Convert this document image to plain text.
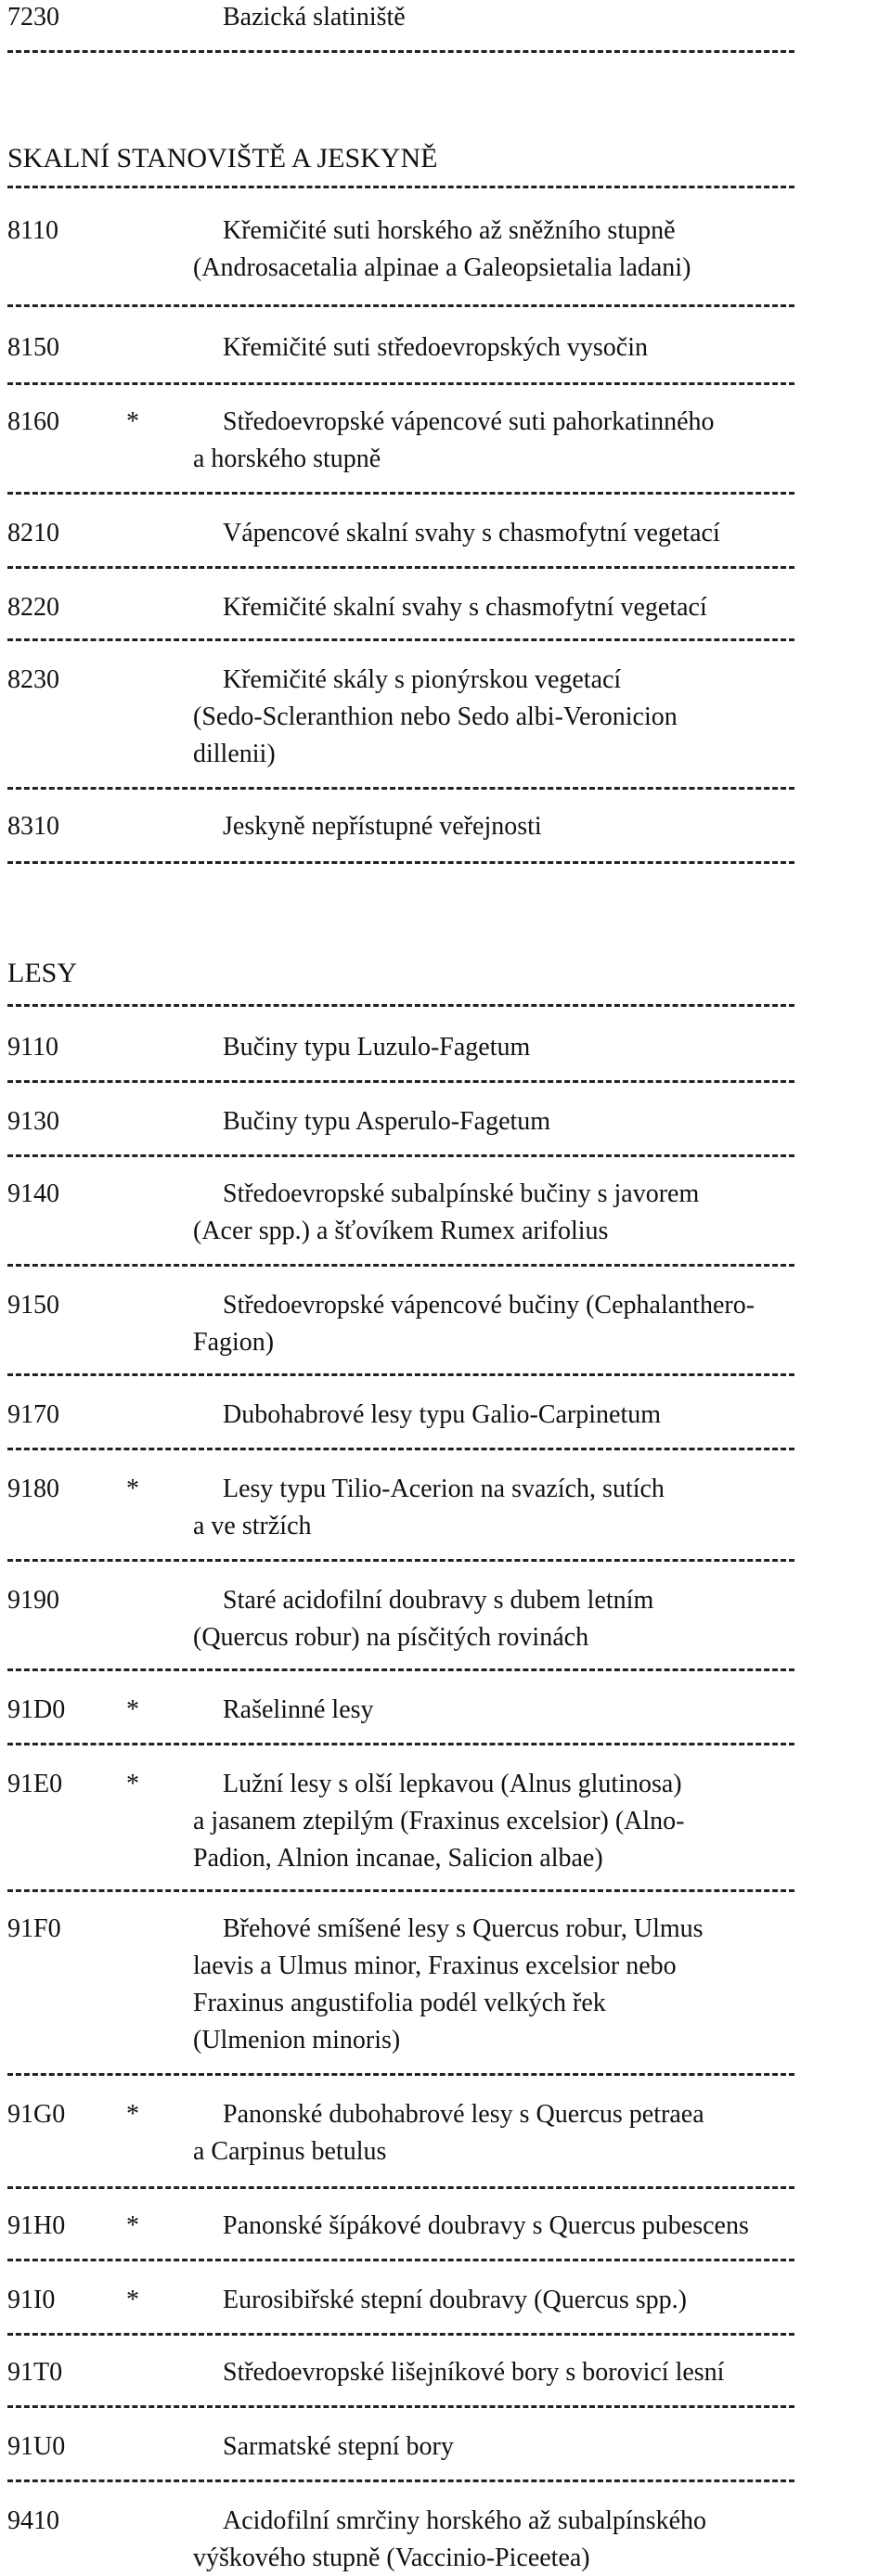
7230	Bazická slatiniště
SKALNÍ STANOVIŠTĚ A JESKYNĚ
8110	Křemičité suti horského až sněžního stupně
(Androsacetalia alpinae a Galeopsietalia ladani)
8150	Křemičité suti středoevropských vysočin
8160	*	Středoevropské vápencové suti pahorkatinného
a horského stupně
8210	Vápencové skalní svahy s chasmofytní vegetací
8220	Křemičité skalní svahy s chasmofytní vegetací
8230	Křemičité skály s pionýrskou vegetací
(Sedo-Scleranthion nebo Sedo albi-Veronicion
dillenii)
8310	Jeskyně nepřístupné veřejnosti
LESY
9110	Bučiny typu Luzulo-Fagetum
9130	Bučiny typu Asperulo-Fagetum
9140	Středoevropské subalpínské bučiny s javorem
(Acer spp.) a šťovíkem Rumex arifolius
9150	Středoevropské vápencové bučiny (Cephalanthero-
Fagion)
9170	Dubohabrové lesy typu Galio-Carpinetum
9180	*	Lesy typu Tilio-Acerion na svazích, sutích
a ve stržích
9190	Staré acidofilní doubravy s dubem letním
(Quercus robur) na písčitých rovinách
91D0 *	Rašelinné lesy
91E0 *	Lužní lesy s olší lepkavou (Alnus glutinosa)
a jasanem ztepilým (Fraxinus excelsior) (Alno-
Padion, Alnion incanae, Salicion albae)
91F0	Břehové smíšené lesy s Quercus robur, Ulmus
laevis a Ulmus minor, Fraxinus excelsior nebo
Fraxinus angustifolia podél velkých řek
(Ulmenion minoris)
91G0 *	Panonské dubohabrové lesy s Quercus petraea
a Carpinus betulus
91H0 *	Panonské šípákové doubravy s Quercus pubescens
91I0	*	Eurosibiřské stepní doubravy (Quercus spp.)
91T0	Středoevropské lišejníkové bory s borovicí lesní
91U0	Sarmatské stepní bory
9410	Acidofilní smrčiny horského až subalpínského
výškového stupně (Vaccinio-Piceetea)
